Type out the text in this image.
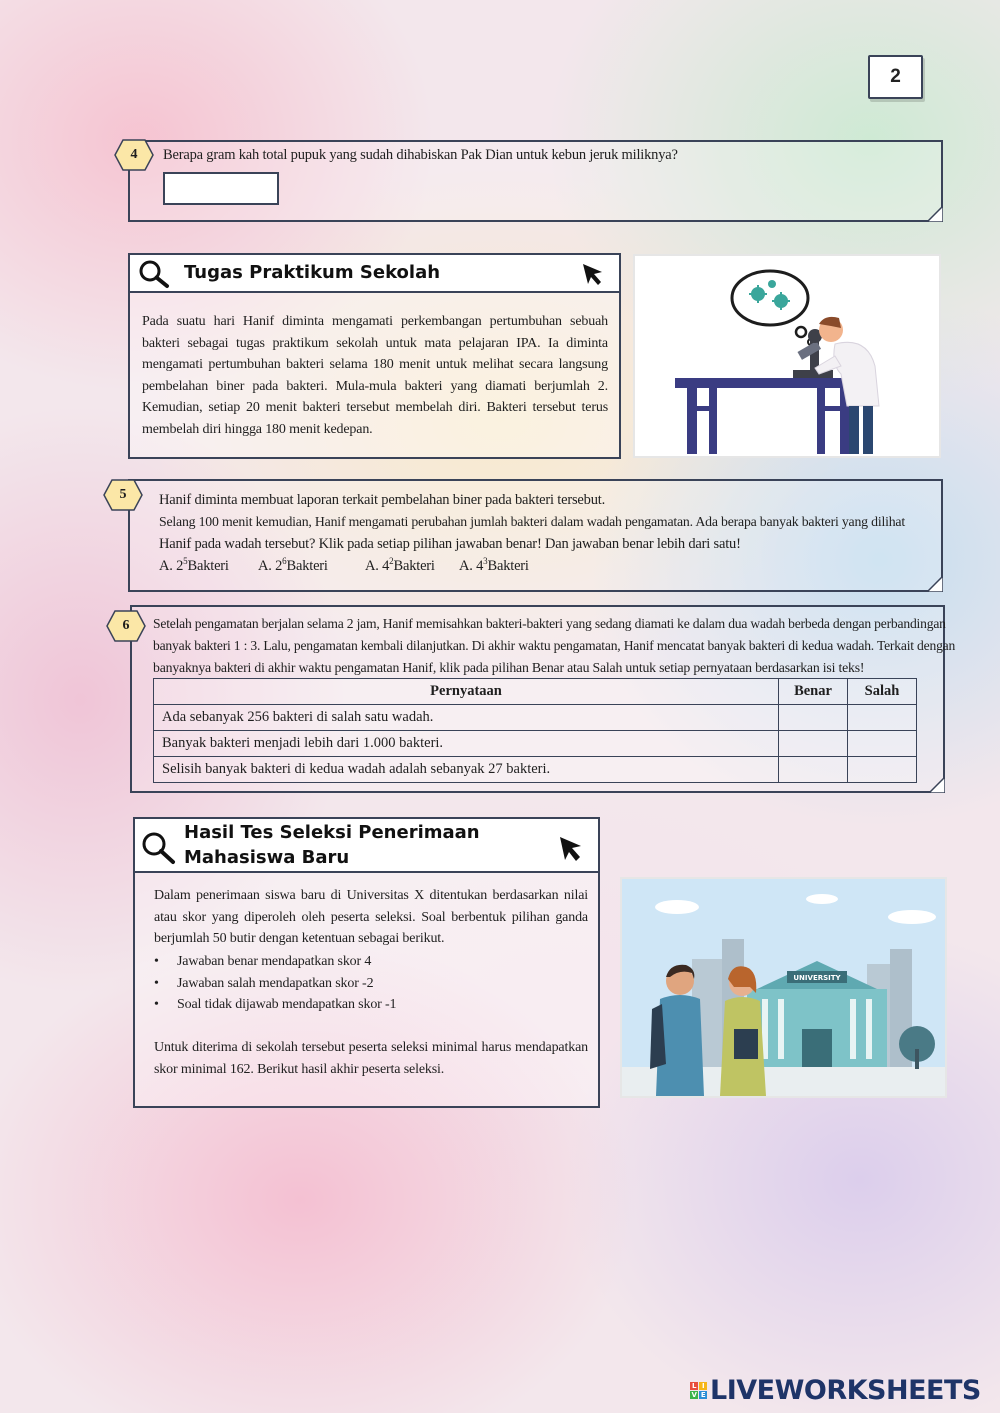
2
4	Berapa gram kah total pupuk yang sudah dihabiskan Pak Dian untuk kebun jeruk miliknya?
Tugas Praktikum Sekolah
Pada suatu hari Hanif diminta mengamati perkembangan pertumbuhan sebuah bakteri sebagai tugas praktikum sekolah untuk mata pelajaran IPA. Ia diminta mengamati pertumbuhan bakteri selama 180 menit untuk melihat secara langsung pembelahan biner pada bakteri. Mula-mula bakteri yang diamati berjumlah 2. Kemudian, setiap 20 menit bakteri tersebut membelah diri. Bakteri tersebut terus membelah diri hingga 180 menit kedepan.
5	Hanif diminta membuat laporan terkait pembelahan biner pada bakteri tersebut.
Selang 100 menit kemudian, Hanif mengamati perubahan jumlah bakteri dalam wadah pengamatan. Ada berapa banyak bakteri yang dilihat
Hanif pada wadah tersebut? Klik pada setiap pilihan jawaban benar! Dan jawaban benar lebih dari satu!
A. $2^5Bakteri$ A. $2^6Bakteri$	A. $4^2Bakteri$ A. $4^3Bakteri$
6	Setelah pengamatan berjalan selama 2 jam, Hanif memisahkan bakteri-bakteri yang sedang diamati ke dalam dua wadah berbeda dengan perbandingan
banyak bakteri 1 : 3. Lalu, pengamatan kembali dilanjutkan. Di akhir waktu pengamatan, Hanif mencatat banyak bakteri di kedua wadah. Terkait dengan
banyaknya bakteri di akhir waktu pengamatan Hanif, klik pada pilihan Benar atau Salah untuk setiap pernyataan berdasarkan isi teks!
Pernyataan	Benar	Salah
Ada sebanyak 256 bakteri di salah satu wadah.		
Banyak bakteri menjadi lebih dari 1.000 bakteri.		
Selisih banyak bakteri di kedua wadah adalah sebanyak 27 bakteri.		
Hasil Tes Seleksi Penerimaan
Mahasiswa Baru
Dalam penerimaan siswa baru di Universitas X ditentukan berdasarkan nilai atau skor yang diperoleh oleh peserta seleksi. Soal berbentuk pilihan ganda berjumlah 50 butir dengan ketentuan sebagai berikut.
• Jawaban benar mendapatkan skor 4
• Jawaban salah mendapatkan skor -2
• Soal tidak dijawab mendapatkan skor -1
Untuk diterima di sekolah tersebut peserta seleksi minimal harus mendapatkan skor minimal 162. Berikut hasil akhir peserta seleksi.
UNIVERSITY
L I
V E LIVEWORKSHEETS
